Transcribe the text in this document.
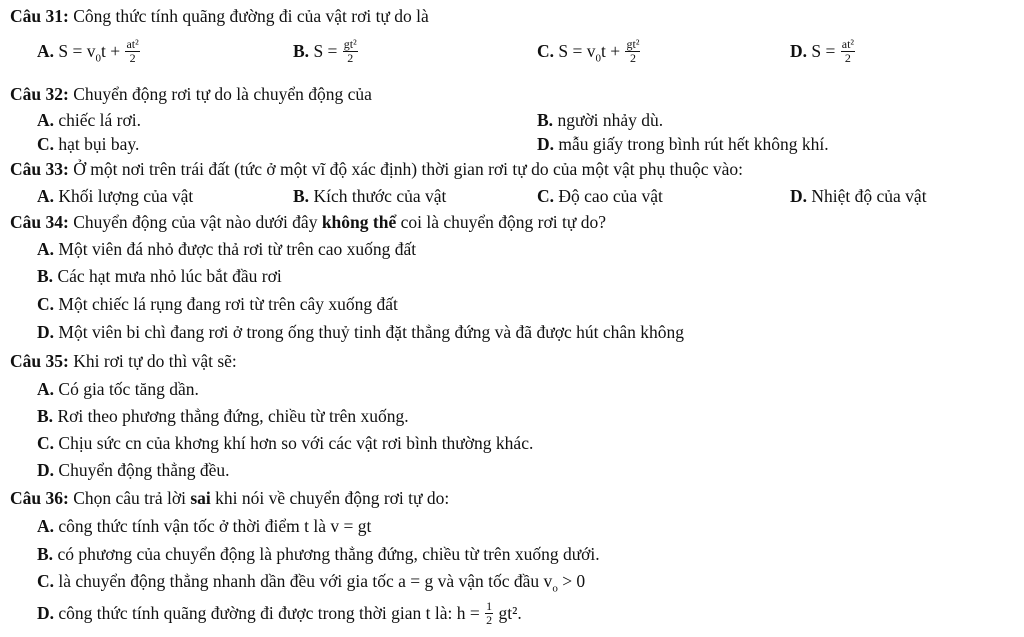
Câu 31: Công thức tính quãng đường đi của vật rơi tự do là
A. $S = v_0t + \frac{\text{at²}}{2}$	B. $S = \frac{\text{gt²}}{2}$	C. $S = v_0t + \frac{\text{gt²}}{2}$	D. $S = \frac{\text{at²}}{2}$
Câu 32: Chuyển động rơi tự do là chuyển động của
A. chiếc lá rơi.	B. người nhảy dù.
C. hạt bụi bay.	D. mẫu giấy trong bình rút hết không khí.
Câu 33: Ở một nơi trên trái đất (tức ở một vĩ độ xác định) thời gian rơi tự do của một vật phụ thuộc vào:
A. Khối lượng của vật	B. Kích thước của vật	C. Độ cao của vật	D. Nhiệt độ của vật
Câu 34: Chuyển động của vật nào dưới đây không thể coi là chuyển động rơi tự do?
A. Một viên đá nhỏ được thả rơi từ trên cao xuống đất
B. Các hạt mưa nhỏ lúc bắt đầu rơi
C. Một chiếc lá rụng đang rơi từ trên cây xuống đất
D. Một viên bi chì đang rơi ở trong ống thuỷ tinh đặt thẳng đứng và đã được hút chân không
Câu 35: Khi rơi tự do thì vật sẽ:
A. Có gia tốc tăng dần.
B. Rơi theo phương thẳng đứng, chiều từ trên xuống.
C. Chịu sức cn của khơng khí hơn so với các vật rơi bình thường khác.
D. Chuyển động thẳng đều.
Câu 36: Chọn câu trả lời sai khi nói về chuyển động rơi tự do:
A. công thức tính vận tốc ở thời điểm t là v = gt
B. có phương của chuyển động là phương thẳng đứng, chiều từ trên xuống dưới.
C. là chuyển động thẳng nhanh dần đều với gia tốc a = g và vận tốc đầu $v_o > 0$
D. công thức tính quãng đường đi được trong thời gian t là: $h = \frac{1}{2} gt^2$.
